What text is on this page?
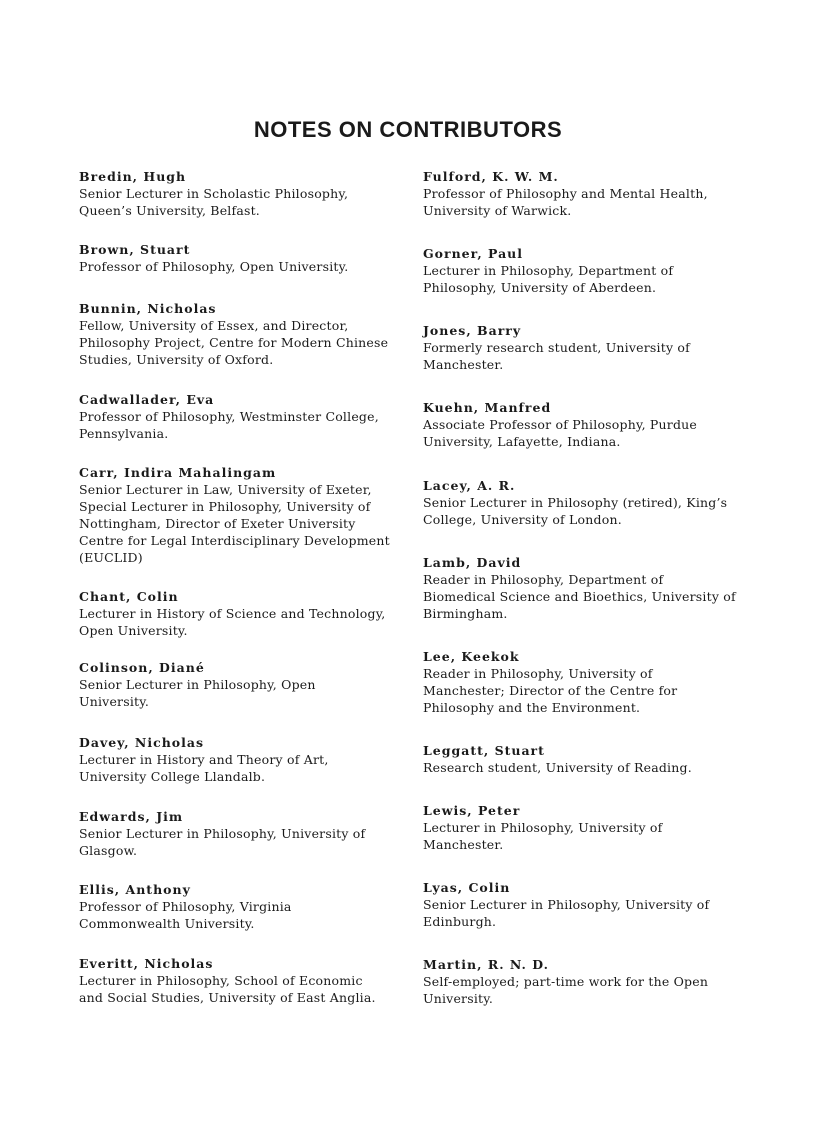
NOTES ON CONTRIBUTORS
Bredin, Hugh
Senior Lecturer in Scholastic Philosophy,
Queen’s University, Belfast.
Brown, Stuart
Professor of Philosophy, Open University.
Bunnin, Nicholas
Fellow, University of Essex, and Director,
Philosophy Project, Centre for Modern Chinese
Studies, University of Oxford.
Cadwallader, Eva
Professor of Philosophy, Westminster College,
Pennsylvania.
Carr, Indira Mahalingam
Senior Lecturer in Law, University of Exeter,
Special Lecturer in Philosophy, University of
Nottingham, Director of Exeter University
Centre for Legal Interdisciplinary Development
(EUCLID)
Chant, Colin
Lecturer in History of Science and Technology,
Open University.
Colinson, Diané
Senior Lecturer in Philosophy, Open
University.
Davey, Nicholas
Lecturer in History and Theory of Art,
University College Llandalb.
Edwards, Jim
Senior Lecturer in Philosophy, University of
Glasgow.
Ellis, Anthony
Professor of Philosophy, Virginia
Commonwealth University.
Everitt, Nicholas
Lecturer in Philosophy, School of Economic
and Social Studies, University of East Anglia.
Fulford, K. W. M.
Professor of Philosophy and Mental Health,
University of Warwick.
Gorner, Paul
Lecturer in Philosophy, Department of
Philosophy, University of Aberdeen.
Jones, Barry
Formerly research student, University of
Manchester.
Kuehn, Manfred
Associate Professor of Philosophy, Purdue
University, Lafayette, Indiana.
Lacey, A. R.
Senior Lecturer in Philosophy (retired), King’s
College, University of London.
Lamb, David
Reader in Philosophy, Department of
Biomedical Science and Bioethics, University of
Birmingham.
Lee, Keekok
Reader in Philosophy, University of
Manchester; Director of the Centre for
Philosophy and the Environment.
Leggatt, Stuart
Research student, University of Reading.
Lewis, Peter
Lecturer in Philosophy, University of
Manchester.
Lyas, Colin
Senior Lecturer in Philosophy, University of
Edinburgh.
Martin, R. N. D.
Self-employed; part-time work for the Open
University.
